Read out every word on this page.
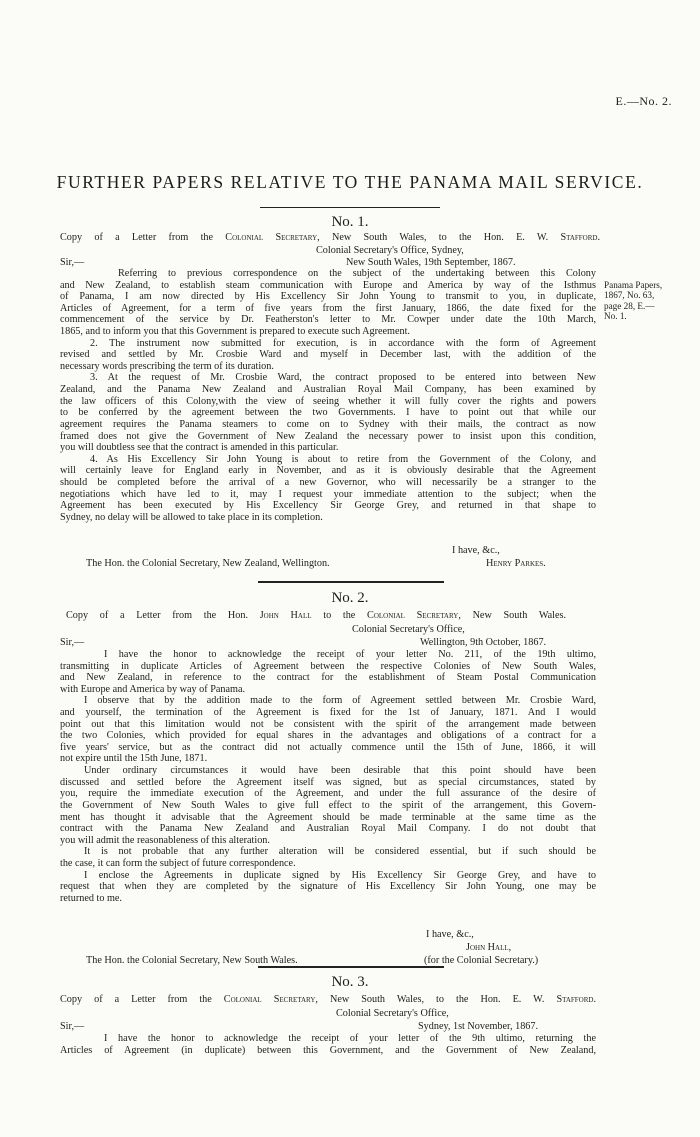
E.—No. 2.
FURTHER PAPERS RELATIVE TO THE PANAMA MAIL SERVICE.
No. 1.
Copy of a Letter from the Colonial Secretary, New South Wales, to the Hon. E. W. Stafford.
Colonial Secretary's Office, Sydney,
Sir,—	New South Wales, 19th September, 1867.
Referring to previous correspondence on the subject of the undertaking between this Colony
and New Zealand, to establish steam communication with Europe and America by way of the Isthmus
of Panama, I am now directed by His Excellency Sir John Young to transmit to you, in duplicate,
Articles of Agreement, for a term of five years from the first January, 1866, the date fixed for the
commencement of the service by Dr. Featherston's letter to Mr. Cowper under date the 10th March,
1865, and to inform you that this Government is prepared to execute such Agreement.
2. The instrument now submitted for execution, is in accordance with the form of Agreement
revised and settled by Mr. Crosbie Ward and myself in December last, with the addition of the
necessary words prescribing the term of its duration.
3. At the request of Mr. Crosbie Ward, the contract proposed to be entered into between New
Zealand, and the Panama New Zealand and Australian Royal Mail Company, has been examined by
the law officers of this Colony,with the view of seeing whether it will fully cover the rights and powers
to be conferred by the agreement between the two Governments. I have to point out that while our
agreement requires the Panama steamers to come on to Sydney with their mails, the contract as now
framed does not give the Government of New Zealand the necessary power to insist upon this condition,
you will doubtless see that the contract is amended in this particular.
4. As His Excellency Sir John Young is about to retire from the Government of the Colony, and
will certainly leave for England early in November, and as it is obviously desirable that the Agreement
should be completed before the arrival of a new Governor, who will necessarily be a stranger to the
negotiations which have led to it, may I request your immediate attention to the subject; when the
Agreement has been executed by His Excellency Sir George Grey, and returned in that shape to
Sydney, no delay will be allowed to take place in its completion.
Panama Papers,
1867, No. 63,
page 28, E.—
No. 1.
I have, &c.,
The Hon. the Colonial Secretary, New Zealand, Wellington.	Henry Parkes.
No. 2.
Copy of a Letter from the Hon. John Hall to the Colonial Secretary, New South Wales.
Colonial Secretary's Office,
Sir,—	Wellington, 9th October, 1867.
I have the honor to acknowledge the receipt of your letter No. 211, of the 19th ultimo,
transmitting in duplicate Articles of Agreement between the respective Colonies of New South Wales,
and New Zealand, in reference to the contract for the establishment of Steam Postal Communication
with Europe and America by way of Panama.
I observe that by the addition made to the form of Agreement settled between Mr. Crosbie Ward,
and yourself, the termination of the Agreement is fixed for the 1st of January, 1871. And I would
point out that this limitation would not be consistent with the spirit of the arrangement made between
the two Colonies, which provided for equal shares in the advantages and obligations of a contract for a
five years' service, but as the contract did not actually commence until the 15th of June, 1866, it will
not expire until the 15th June, 1871.
Under ordinary circumstances it would have been desirable that this point should have been
discussed and settled before the Agreement itself was signed, but as special circumstances, stated by
you, require the immediate execution of the Agreement, and under the full assurance of the desire of
the Government of New South Wales to give full effect to the spirit of the arrangement, this Govern-
ment has thought it advisable that the Agreement should be made terminable at the same time as the
contract with the Panama New Zealand and Australian Royal Mail Company. I do not doubt that
you will admit the reasonableness of this alteration.
It is not probable that any further alteration will be considered essential, but if such should be
the case, it can form the subject of future correspondence.
I enclose the Agreements in duplicate signed by His Excellency Sir George Grey, and have to
request that when they are completed by the signature of His Excellency Sir John Young, one may be
returned to me.
I have, &c.,
John Hall,
The Hon. the Colonial Secretary, New South Wales.	(for the Colonial Secretary.)
No. 3.
Copy of a Letter from the Colonial Secretary, New South Wales, to the Hon. E. W. Stafford.
Colonial Secretary's Office,
Sir,—	Sydney, 1st November, 1867.
I have the honor to acknowledge the receipt of your letter of the 9th ultimo, returning the
Articles of Agreement (in duplicate) between this Government, and the Government of New Zealand,
